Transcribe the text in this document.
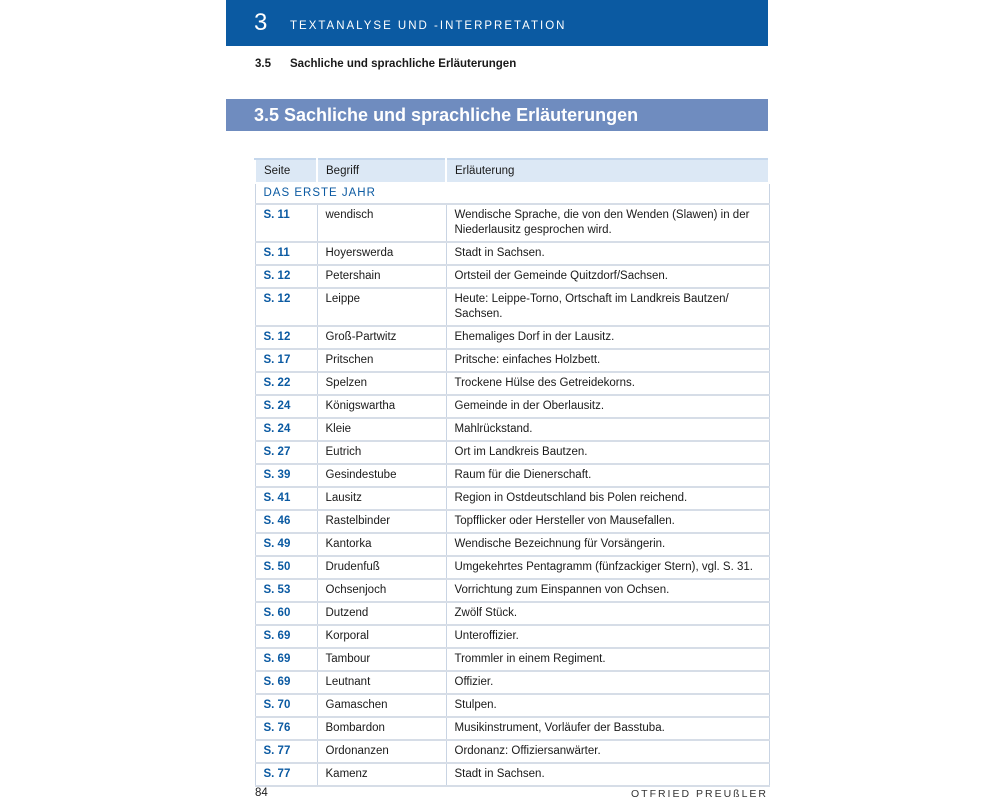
3 TEXTANALYSE UND -INTERPRETATION
3.5 Sachliche und sprachliche Erläuterungen
3.5 Sachliche und sprachliche Erläuterungen
Seite	Begriff	Erläuterung
DAS ERSTE JAHR		
S. 11	wendisch	Wendische Sprache, die von den Wenden (Slawen) in der Niederlausitz gesprochen wird.
S. 11	Hoyerswerda	Stadt in Sachsen.
S. 12	Petershain	Ortsteil der Gemeinde Quitzdorf/Sachsen.
S. 12	Leippe	Heute: Leippe-Torno, Ortschaft im Landkreis Bautzen/ Sachsen.
S. 12	Groß-Partwitz	Ehemaliges Dorf in der Lausitz.
S. 17	Pritschen	Pritsche: einfaches Holzbett.
S. 22	Spelzen	Trockene Hülse des Getreidekorns.
S. 24	Königswartha	Gemeinde in der Oberlausitz.
S. 24	Kleie	Mahlrückstand.
S. 27	Eutrich	Ort im Landkreis Bautzen.
S. 39	Gesindestube	Raum für die Dienerschaft.
S. 41	Lausitz	Region in Ostdeutschland bis Polen reichend.
S. 46	Rastelbinder	Topfflicker oder Hersteller von Mausefallen.
S. 49	Kantorka	Wendische Bezeichnung für Vorsängerin.
S. 50	Drudenfuß	Umgekehrtes Pentagramm (fünfzackiger Stern), vgl. S. 31.
S. 53	Ochsenjoch	Vorrichtung zum Einspannen von Ochsen.
S. 60	Dutzend	Zwölf Stück.
S. 69	Korporal	Unteroffizier.
S. 69	Tambour	Trommler in einem Regiment.
S. 69	Leutnant	Offizier.
S. 70	Gamaschen	Stulpen.
S. 76	Bombardon	Musikinstrument, Vorläufer der Basstuba.
S. 77	Ordonanzen	Ordonanz: Offiziersanwärter.
S. 77	Kamenz	Stadt in Sachsen.
84	OTFRIED PREUßLER
